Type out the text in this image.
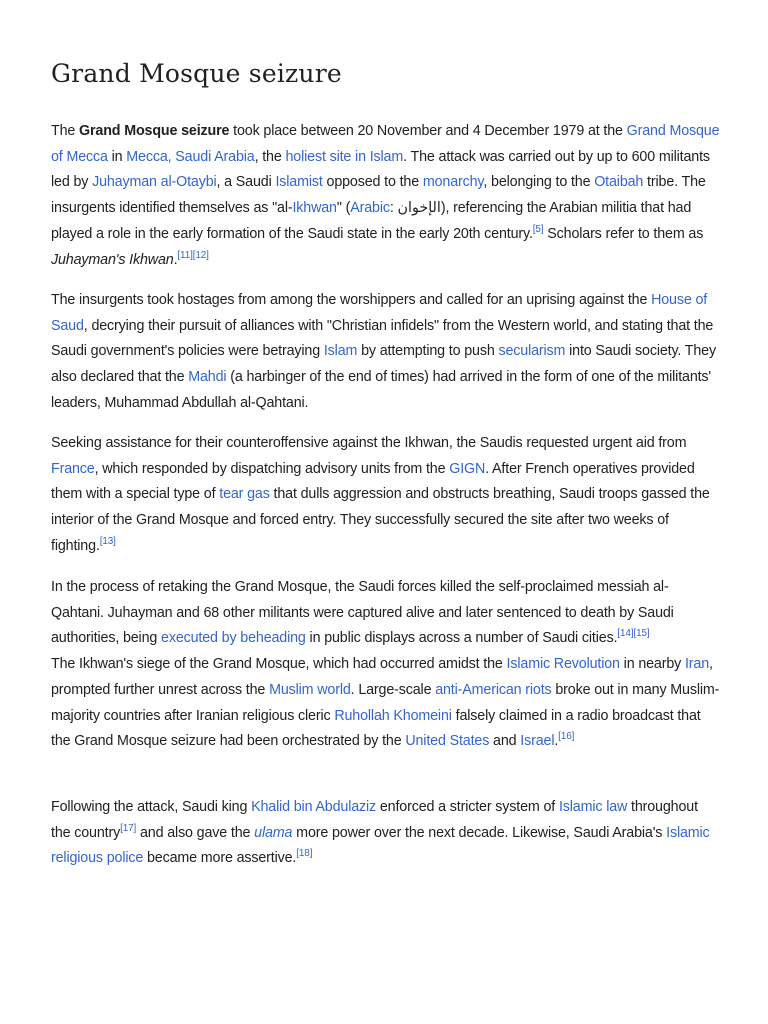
Grand Mosque seizure

The Grand Mosque seizure took place between 20 November and 4 December 1979 at the Grand Mosque of Mecca in Mecca, Saudi Arabia, the holiest site in Islam. The attack was carried out by up to 600 militants led by Juhayman al-Otaybi, a Saudi Islamist opposed to the monarchy, belonging to the Otaibah tribe. The insurgents identified themselves as "al-Ikhwan" (Arabic: الإخوان), referencing the Arabian militia that had played a role in the early formation of the Saudi state in the early 20th century.[5] Scholars refer to them as Juhayman's Ikhwan.[11][12]

The insurgents took hostages from among the worshippers and called for an uprising against the House of Saud, decrying their pursuit of alliances with "Christian infidels" from the Western world, and stating that the Saudi government's policies were betraying Islam by attempting to push secularism into Saudi society. They also declared that the Mahdi (a harbinger of the end of times) had arrived in the form of one of the militants' leaders, Muhammad Abdullah al-Qahtani.

Seeking assistance for their counteroffensive against the Ikhwan, the Saudis requested urgent aid from France, which responded by dispatching advisory units from the GIGN. After French operatives provided them with a special type of tear gas that dulls aggression and obstructs breathing, Saudi troops gassed the interior of the Grand Mosque and forced entry. They successfully secured the site after two weeks of fighting.[13]

In the process of retaking the Grand Mosque, the Saudi forces killed the self-proclaimed messiah al-Qahtani. Juhayman and 68 other militants were captured alive and later sentenced to death by Saudi authorities, being executed by beheading in public displays across a number of Saudi cities.[14][15]
The Ikhwan's siege of the Grand Mosque, which had occurred amidst the Islamic Revolution in nearby Iran, prompted further unrest across the Muslim world. Large-scale anti-American riots broke out in many Muslim-majority countries after Iranian religious cleric Ruhollah Khomeini falsely claimed in a radio broadcast that the Grand Mosque seizure had been orchestrated by the United States and Israel.[16]

Following the attack, Saudi king Khalid bin Abdulaziz enforced a stricter system of Islamic law throughout the country[17] and also gave the ulama more power over the next decade. Likewise, Saudi Arabia's Islamic religious police became more assertive.[18]
